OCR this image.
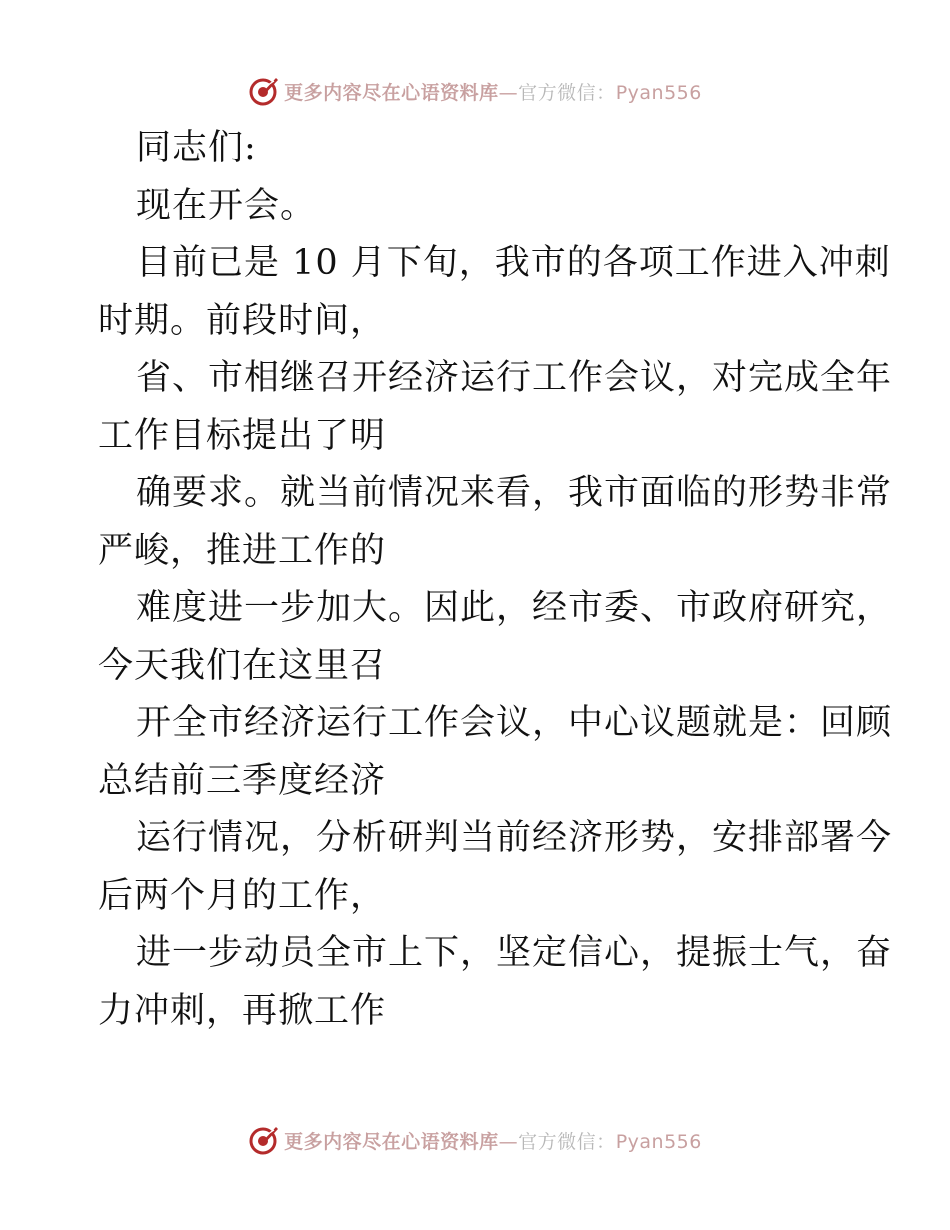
更多内容尽在心语资料库—官方微信：Pyan556
同志们:
现在开会。
目前已是 10 月下旬，我市的各项工作进入冲刺
时期。前段时间，
省、市相继召开经济运行工作会议，对完成全年
工作目标提出了明
确要求。就当前情况来看，我市面临的形势非常
严峻，推进工作的
难度进一步加大。因此，经市委、市政府研究，
今天我们在这里召
开全市经济运行工作会议，中心议题就是：回顾
总结前三季度经济
运行情况，分析研判当前经济形势，安排部署今
后两个月的工作，
进一步动员全市上下，坚定信心，提振士气，奋
力冲刺，再掀工作
更多内容尽在心语资料库—官方微信：Pyan556
